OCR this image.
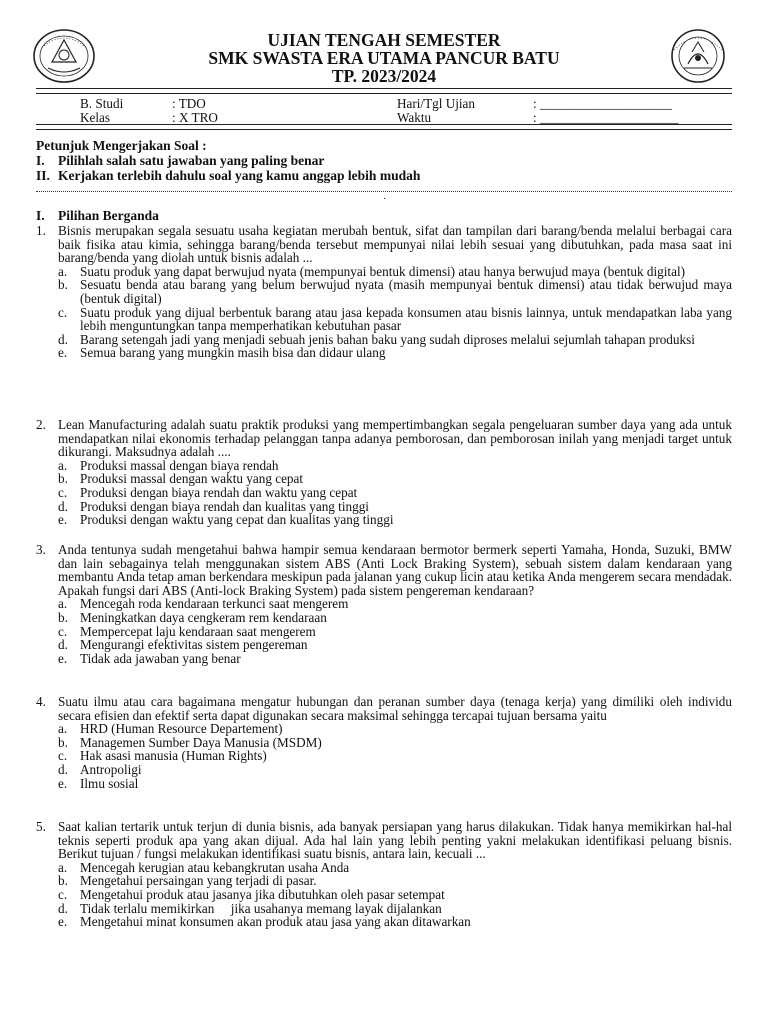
UJIAN TENGAH SEMESTER
SMK SWASTA ERA UTAMA PANCUR BATU
TP. 2023/2024
B. Studi	: TDO	Hari/Tgl Ujian	: ____________________
Kelas	: X TRO	Waktu	: _____________________
Petunjuk Mengerjakan Soal :
I. Pilihlah salah satu jawaban yang paling benar
II. Kerjakan terlebih dahulu soal yang kamu anggap lebih mudah
·
I. Pilihan Berganda
1. Bisnis merupakan segala sesuatu usaha kegiatan merubah bentuk, sifat dan tampilan dari barang/benda melalui berbagai cara baik fisika atau kimia, sehingga barang/benda tersebut mempunyai nilai lebih sesuai yang dibutuhkan, pada masa saat ini barang/benda yang diolah untuk bisnis adalah ...
a. Suatu produk yang dapat berwujud nyata (mempunyai bentuk dimensi) atau hanya berwujud maya (bentuk digital)
b. Sesuatu benda atau barang yang belum berwujud nyata (masih mempunyai bentuk dimensi) atau tidak berwujud maya (bentuk digital)
c. Suatu produk yang dijual berbentuk barang atau jasa kepada konsumen atau bisnis lainnya, untuk mendapatkan laba yang lebih menguntungkan tanpa memperhatikan kebutuhan pasar
d. Barang setengah jadi yang menjadi sebuah jenis bahan baku yang sudah diproses melalui sejumlah tahapan produksi
e. Semua barang yang mungkin masih bisa dan didaur ulang
2. Lean Manufacturing adalah suatu praktik produksi yang mempertimbangkan segala pengeluaran sumber daya yang ada untuk mendapatkan nilai ekonomis terhadap pelanggan tanpa adanya pemborosan, dan pemborosan inilah yang menjadi target untuk dikurangi. Maksudnya adalah ....
a. Produksi massal dengan biaya rendah
b. Produksi massal dengan waktu yang cepat
c. Produksi dengan biaya rendah dan waktu yang cepat
d. Produksi dengan biaya rendah dan kualitas yang tinggi
e. Produksi dengan waktu yang cepat dan kualitas yang tinggi
3. Anda tentunya sudah mengetahui bahwa hampir semua kendaraan bermotor bermerk seperti Yamaha, Honda, Suzuki, BMW dan lain sebagainya telah menggunakan sistem ABS (Anti Lock Braking System), sebuah sistem dalam kendaraan yang membantu Anda tetap aman berkendara meskipun pada jalanan yang cukup licin atau ketika Anda mengerem secara mendadak. Apakah fungsi dari ABS (Anti-lock Braking System) pada sistem pengereman kendaraan?
a. Mencegah roda kendaraan terkunci saat mengerem
b. Meningkatkan daya cengkeram rem kendaraan
c. Mempercepat laju kendaraan saat mengerem
d. Mengurangi efektivitas sistem pengereman
e. Tidak ada jawaban yang benar
4. Suatu ilmu atau cara bagaimana mengatur hubungan dan peranan sumber daya (tenaga kerja) yang dimiliki oleh individu secara efisien dan efektif serta dapat digunakan secara maksimal sehingga tercapai tujuan bersama yaitu
a. HRD (Human Resource Departement)
b. Managemen Sumber Daya Manusia (MSDM)
c. Hak asasi manusia (Human Rights)
d. Antropoligi
e. Ilmu sosial
5. Saat kalian tertarik untuk terjun di dunia bisnis, ada banyak persiapan yang harus dilakukan. Tidak hanya memikirkan hal-hal teknis seperti produk apa yang akan dijual. Ada hal lain yang lebih penting yakni melakukan identifikasi peluang bisnis. Berikut tujuan / fungsi melakukan identifikasi suatu bisnis, antara lain, kecuali ...
a. Mencegah kerugian atau kebangkrutan usaha Anda
b. Mengetahui persaingan yang terjadi di pasar.
c. Mengetahui produk atau jasanya jika dibutuhkan oleh pasar setempat
d. Tidak terlalu memikirkan     jika usahanya memang layak dijalankan
e. Mengetahui minat konsumen akan produk atau jasa yang akan ditawarkan
